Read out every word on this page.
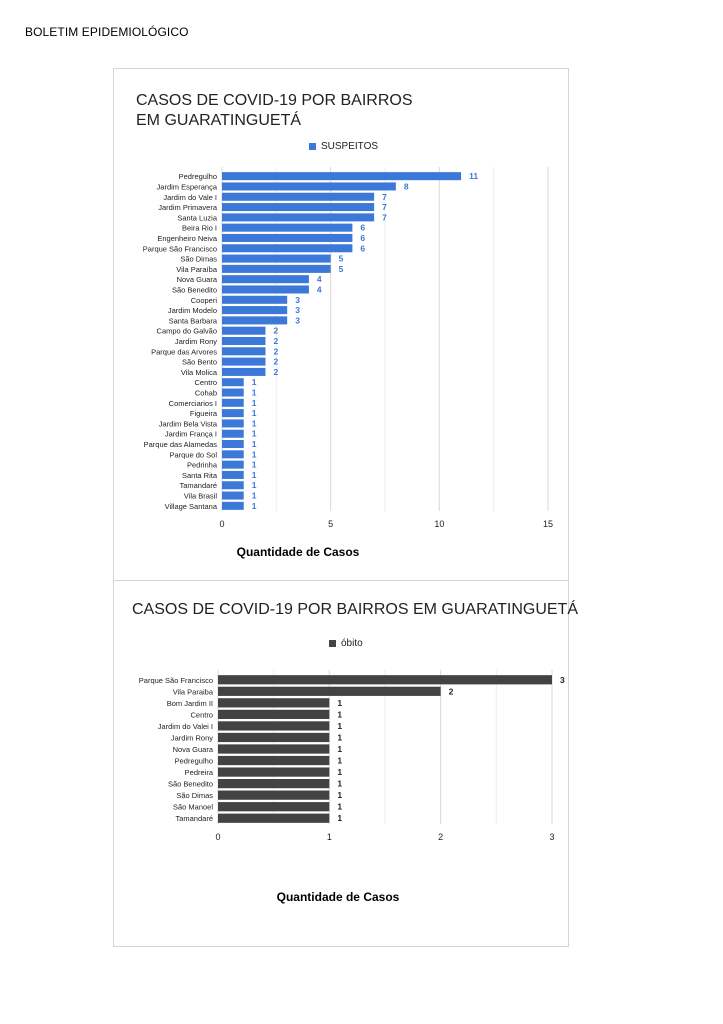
BOLETIM EPIDEMIOLÓGICO
Pedregulho	11
Jardim Esperança	8
Jardim do Vale I	7
Jardim Primavera	7
Santa Luzia	7
Beira Rio I	6
Engenheiro Neiva	6
Parque São Francisco	6
São Dimas	5
Vila Paraíba	5
Nova Guara	4
São Benedito	4
Cooperi	3
Jardim Modelo	3
Santa Barbara	3
Campo do Galvão	2
Jardim Rony	2
Parque das Arvores	2
São Bento	2
Vila Molica	2
Centro	1
Cohab	1
Comerciarios I	1
Figueira	1
Jardim Bela Vista	1
Jardim França I	1
Parque das Alamedas	1
Parque do Sol	1
Pedrinha	1
Santa Rita	1
Tamandaré	1
Vila Brasil	1
Village Santana	1
0	5	10	15
CASOS DE COVID-19 POR BAIRROS EM GUARATINGUETÁ
SUSPEITOS
Quantidade de Casos
Parque São Francisco	3
Vila Paraiba	2
Bom Jardim II	1
Centro	1
Jardim do Valei I	1
Jardim Rony	1
Nova Guara	1
Pedregulho	1
Pedreira	1
São Benedito	1
São Dimas	1
São Manoel	1
Tamandaré	1
0	1	2	3
CASOS DE COVID-19 POR BAIRROS EM GUARATINGUETÁ
óbito
Quantidade de Casos
